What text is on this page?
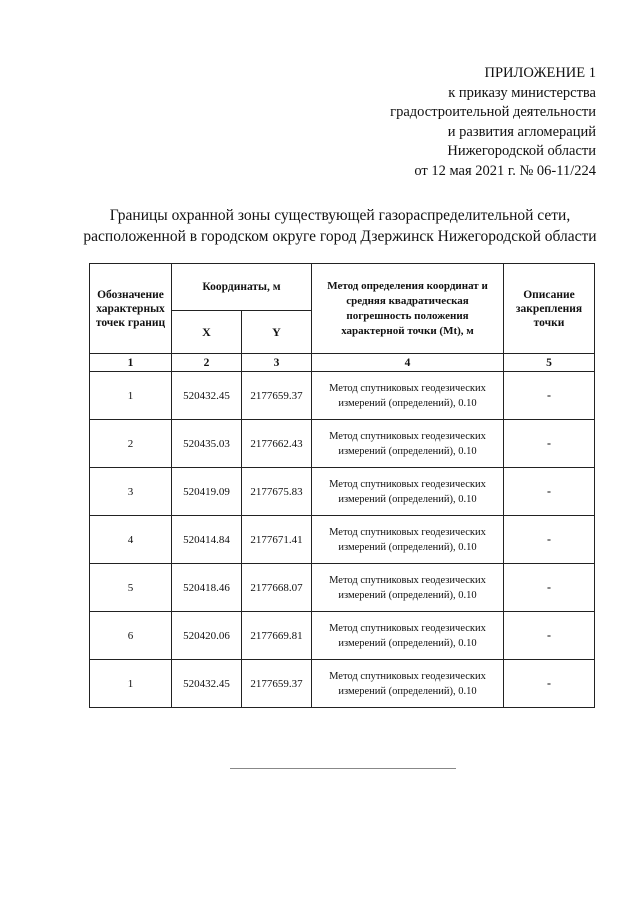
ПРИЛОЖЕНИЕ 1
к приказу министерства
градостроительной деятельности
и развития агломераций
Нижегородской области
от 12 мая 2021 г. № 06-11/224
Границы охранной зоны существующей газораспределительной сети,
расположенной в городском округе город Дзержинск Нижегородской области
Обозначение характерных точек границ	Координаты, м		Метод определения координат и
средняя квадратическая
погрешность положения
характерной точки (Mt), м	Описание закрепления точки
	X	Y		
1	2	3	4	5
1	520432.45	2177659.37	Метод спутниковых геодезических
измерений (определений), 0.10	-
2	520435.03	2177662.43	Метод спутниковых геодезических
измерений (определений), 0.10	-
3	520419.09	2177675.83	Метод спутниковых геодезических
измерений (определений), 0.10	-
4	520414.84	2177671.41	Метод спутниковых геодезических
измерений (определений), 0.10	-
5	520418.46	2177668.07	Метод спутниковых геодезических
измерений (определений), 0.10	-
6	520420.06	2177669.81	Метод спутниковых геодезических
измерений (определений), 0.10	-
1	520432.45	2177659.37	Метод спутниковых геодезических
измерений (определений), 0.10	-
